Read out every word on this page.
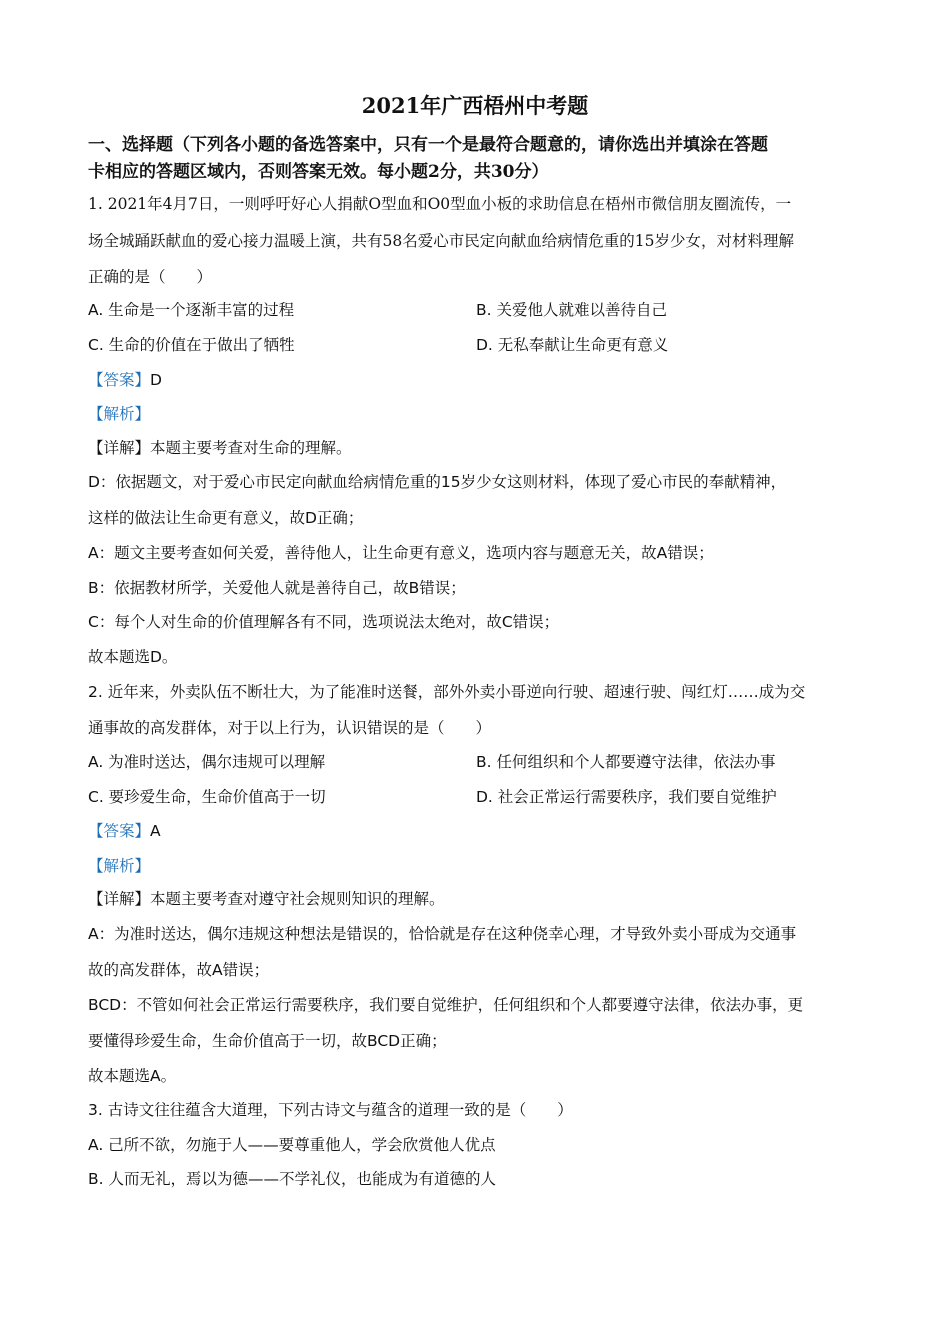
2021年广西梧州中考题
一、选择题（下列各小题的备选答案中，只有一个是最符合题意的，请你选出并填涂在答题
卡相应的答题区域内，否则答案无效。每小题2分，共30分）
1. 2021年4月7日，一则呼吁好心人捐献O型血和O0型血小板的求助信息在梧州市微信朋友圈流传，一
场全城踊跃献血的爱心接力温暖上演，共有58名爱心市民定向献血给病情危重的15岁少女，对材料理解
正确的是（　　）
A. 生命是一个逐渐丰富的过程	B. 关爱他人就难以善待自己
C. 生命的价值在于做出了牺牲	D. 无私奉献让生命更有意义
【答案】D
【解析】
【详解】本题主要考查对生命的理解。
D：依据题文，对于爱心市民定向献血给病情危重的15岁少女这则材料，体现了爱心市民的奉献精神，
这样的做法让生命更有意义，故D正确；
A：题文主要考查如何关爱，善待他人，让生命更有意义，选项内容与题意无关，故A错误；
B：依据教材所学，关爱他人就是善待自己，故B错误；
C：每个人对生命的价值理解各有不同，选项说法太绝对，故C错误；
故本题选D。
2. 近年来，外卖队伍不断壮大，为了能准时送餐，部外外卖小哥逆向行驶、超速行驶、闯红灯……成为交
通事故的高发群体，对于以上行为，认识错误的是（　　）
A. 为准时送达，偶尔违规可以理解	B. 任何组织和个人都要遵守法律，依法办事
C. 要珍爱生命，生命价值高于一切	D. 社会正常运行需要秩序，我们要自觉维护
【答案】A
【解析】
【详解】本题主要考查对遵守社会规则知识的理解。
A：为准时送达，偶尔违规这种想法是错误的，恰恰就是存在这种侥幸心理，才导致外卖小哥成为交通事
故的高发群体，故A错误；
BCD：不管如何社会正常运行需要秩序，我们要自觉维护，任何组织和个人都要遵守法律，依法办事，更
要懂得珍爱生命，生命价值高于一切，故BCD正确；
故本题选A。
3. 古诗文往往蕴含大道理，下列古诗文与蕴含的道理一致的是（　　）
A. 己所不欲，勿施于人——要尊重他人，学会欣赏他人优点
B. 人而无礼，焉以为德——不学礼仪，也能成为有道德的人
